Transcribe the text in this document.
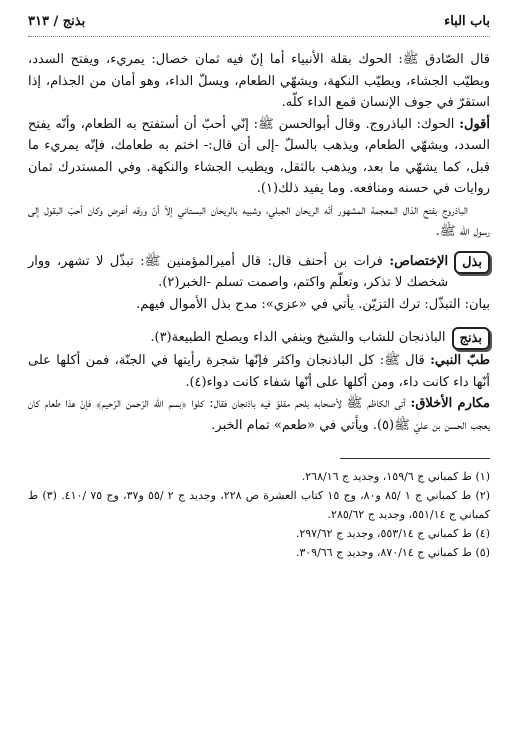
باب الباء
بذنج / ٣١٣

قال الصّادق ﷺ: الحوك بقلة الأنبياء أما إنّ فيه ثمان خصال: يمريء، ويفتح السدد، ويطيّب الجشاء، ويطيّب النكهة، ويشهّي الطعام، ويسلّ الداء، وهو أمان من الجذام، إذا استقرّ في جوف الإنسان قمع الداء كلّه.

أقول: الحوك: الباذروج. وقال أبوالحسن ﷺ: إنّي أحبّ أن أستفتح به الطعام، وأنّه يفتح السدد، ويشهّي الطعام، ويذهب بالسلّ -إلى أن قال:- اختم به طعامك، فإنّه يمريء ما قبل، كما يشهّي ما بعد، ويذهب بالثقل، ويطيب الجشاء والنكهة. وفي المستدرك ثمان روايات في حسنه ومنافعه. وما يفيد ذلك(١).

الباذروج بفتح الذال المعجمة المشهور أنّه الريحان الجبلي، وشبيه بالريحان البستاني إلاّ أنّ ورقه أعرض وكان أحبّ البقول إلى رسول الله ﷺ.

بذل

الإختصاص: فرات بن أحنف قال: قال أميرالمؤمنين ﷺ: تبذّل لا تشهر، ووار شخصك لا تذكر، وتعلّم واكتم، واصمت تسلم -الخبر(٢).

بيان: التبذّل: ترك التزيّن. يأتي في «عزي»: مدح بذل الأموال فيهم.

بذنج

الباذنجان للشاب والشيخ وينفي الداء ويصلح الطبيعة(٣).

طبّ النبي: قال ﷺ: كل الباذنجان واكثر فإنّها شجرة رأيتها في الجنّة، فمن أكلها على أنّها داء كانت داء، ومن أكلها على أنّها شفاء كانت دواء(٤).

مكارم الأخلاق: أتى الكاظم ﷺ لأصحابه بلحم مقلوّ فيه باذنجان فقال: كلوا ﴿بسم الله الرّحمن الرّحيم﴾ فإنّ هذا طعام كان يعجب الحسن بن عليّ ﷺ(٥). ويأتي في «طعم» تمام الخبر.

(١) ط كمباني ج ١٥٩/٦، وجديد ج ٢٦٨/١٦.

(٢) ط كمباني ج ١ /٨٥ و٨٠، وج ١٥ كتاب العشرة ص ٢٢٨، وجديد ج ٢ /٥٥ و٣٧، وج ٧٥ /٤١٠. (٣) ط كمباني ج ٥٥١/١٤، وجديد ج ٢٨٥/٦٢.

(٤) ط كمباني ج ٥٥٣/١٤، وجديد ج ٢٩٧/٦٢.

(٥) ط كمباني ج ٨٧٠/١٤، وجديد ج ٣٠٩/٦٦.
